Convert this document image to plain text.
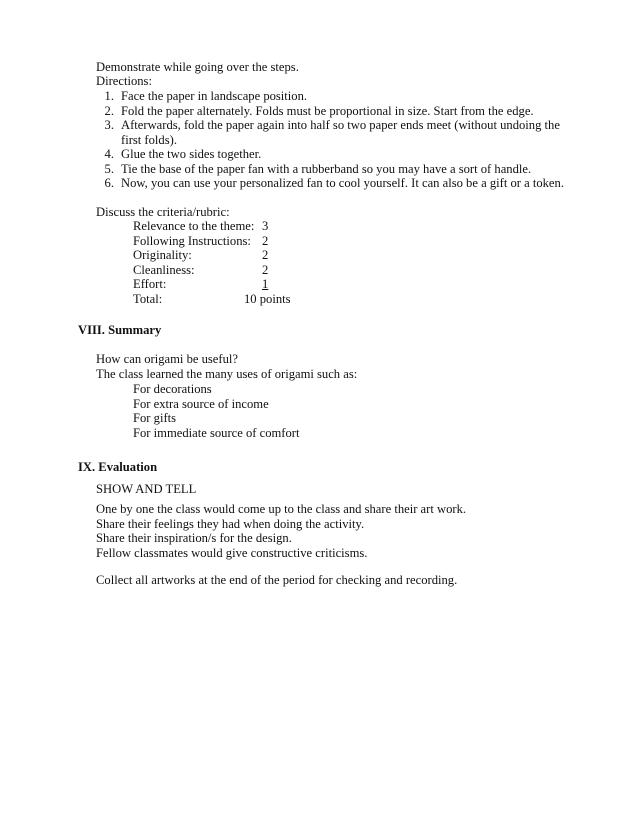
Demonstrate while going over the steps.
Directions:
1. Face the paper in landscape position.
2. Fold the paper alternately. Folds must be proportional in size. Start from the edge.
3. Afterwards, fold the paper again into half so two paper ends meet (without undoing the
first folds).
4. Glue the two sides together.
5. Tie the base of the paper fan with a rubberband so you may have a sort of handle.
6. Now, you can use your personalized fan to cool yourself. It can also be a gift or a token.
Discuss the criteria/rubric:
Relevance to the theme: 3
Following Instructions: 2
Originality:	2
Cleanliness:	2
Effort:	1
Total:	10 points
VIII. Summary
How can origami be useful?
The class learned the many uses of origami such as:
For decorations
For extra source of income
For gifts
For immediate source of comfort
IX. Evaluation
SHOW AND TELL
One by one the class would come up to the class and share their art work.
Share their feelings they had when doing the activity.
Share their inspiration/s for the design.
Fellow classmates would give constructive criticisms.
Collect all artworks at the end of the period for checking and recording.
